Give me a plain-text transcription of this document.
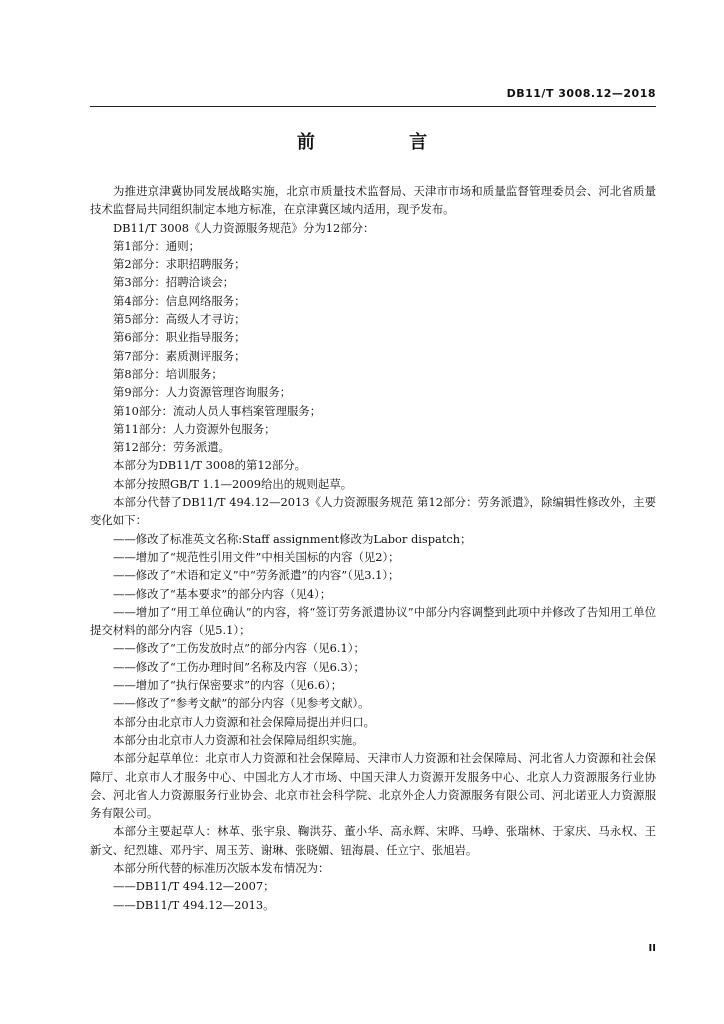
DB11/T 3008.12—2018
前 言

为推进京津冀协同发展战略实施，北京市质量技术监督局、天津市市场和质量监督管理委员会、河北省质量技术监督局共同组织制定本地方标准，在京津冀区域内适用，现予发布。

DB11/T 3008《人力资源服务规范》分为12部分：

第1部分：通则；

第2部分：求职招聘服务；

第3部分：招聘洽谈会；

第4部分：信息网络服务；

第5部分：高级人才寻访；

第6部分：职业指导服务；

第7部分：素质测评服务；

第8部分：培训服务；

第9部分：人力资源管理咨询服务；

第10部分：流动人员人事档案管理服务；

第11部分：人力资源外包服务；

第12部分：劳务派遣。

本部分为DB11/T 3008的第12部分。

本部分按照GB/T 1.1—2009给出的规则起草。

本部分代替了DB11/T 494.12—2013《人力资源服务规范 第12部分：劳务派遣》，除编辑性修改外，主要变化如下：

——修改了标准英文名称:Staff assignment修改为Labor dispatch；

——增加了“规范性引用文件”中相关国标的内容（见2）；

——修改了“术语和定义”中“劳务派遣”的内容”（见3.1）；

——修改了“基本要求”的部分内容（见4）；

——增加了“用工单位确认”的内容，将“签订劳务派遣协议”中部分内容调整到此项中并修改了告知用工单位提交材料的部分内容（见5.1）；

——修改了“工伤发放时点”的部分内容（见6.1）；

——修改了“工伤办理时间”名称及内容（见6.3）；

——增加了“执行保密要求”的内容（见6.6）；

——修改了“参考文献”的部分内容（见参考文献）。

本部分由北京市人力资源和社会保障局提出并归口。

本部分由北京市人力资源和社会保障局组织实施。

本部分起草单位：北京市人力资源和社会保障局、天津市人力资源和社会保障局、河北省人力资源和社会保障厅、北京市人才服务中心、中国北方人才市场、中国天津人力资源开发服务中心、北京人力资源服务行业协会、河北省人力资源服务行业协会、北京市社会科学院、北京外企人力资源服务有限公司、河北诺亚人力资源服务有限公司。

本部分主要起草人：林革、张宇泉、鞠洪芬、董小华、高永辉、宋晔、马峥、张瑞林、于家庆、马永权、王新文、纪烈雄、邓丹宇、周玉芳、谢琳、张晓媚、钮海晨、任立宁、张旭岩。

本部分所代替的标准历次版本发布情况为：

——DB11/T 494.12—2007；

——DB11/T 494.12—2013。

II
